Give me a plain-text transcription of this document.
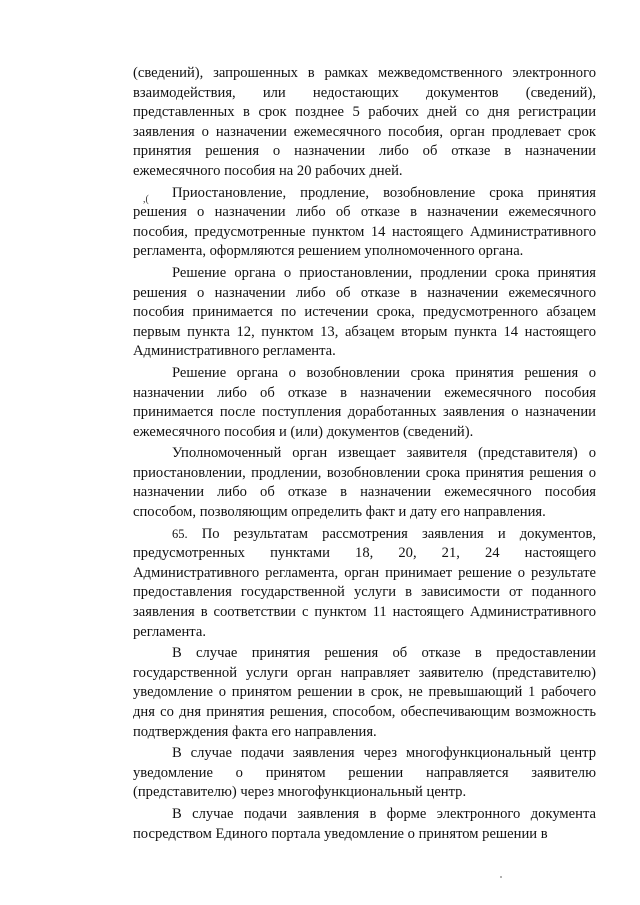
,(

(сведений), запрошенных в рамках межведомственного электронного взаимодействия, или недостающих документов (сведений), представленных в срок позднее 5 рабочих дней со дня регистрации заявления о назначении ежемесячного пособия, орган продлевает срок принятия решения о назначении либо об отказе в назначении ежемесячного пособия на 20 рабочих дней.

Приостановление, продление, возобновление срока принятия решения о назначении либо об отказе в назначении ежемесячного пособия, предусмотренные пунктом 14 настоящего Административного регламента, оформляются решением уполномоченного органа.

Решение органа о приостановлении, продлении срока принятия решения о назначении либо об отказе в назначении ежемесячного пособия принимается по истечении срока, предусмотренного абзацем первым пункта 12, пунктом 13, абзацем вторым пункта 14 настоящего Административного регламента.

Решение органа о возобновлении срока принятия решения о назначении либо об отказе в назначении ежемесячного пособия принимается после поступления доработанных заявления о назначении ежемесячного пособия и (или) документов (сведений).

Уполномоченный орган извещает заявителя (представителя) о приостановлении, продлении, возобновлении срока принятия решения о назначении либо об отказе в назначении ежемесячного пособия способом, позволяющим определить факт и дату его направления.

65. По результатам рассмотрения заявления и документов, предусмотренных пунктами 18, 20, 21, 24 настоящего Административного регламента, орган принимает решение о результате предоставления государственной услуги в зависимости от поданного заявления в соответствии с пунктом 11 настоящего Административного регламента.

В случае принятия решения об отказе в предоставлении государственной услуги орган направляет заявителю (представителю) уведомление о принятом решении в срок, не превышающий 1 рабочего дня со дня принятия решения, способом, обеспечивающим возможность подтверждения факта его направления.

В случае подачи заявления через многофункциональный центр уведомление о принятом решении направляется заявителю (представителю) через многофункциональный центр.

В случае подачи заявления в форме электронного документа посредством Единого портала уведомление о принятом решении в
